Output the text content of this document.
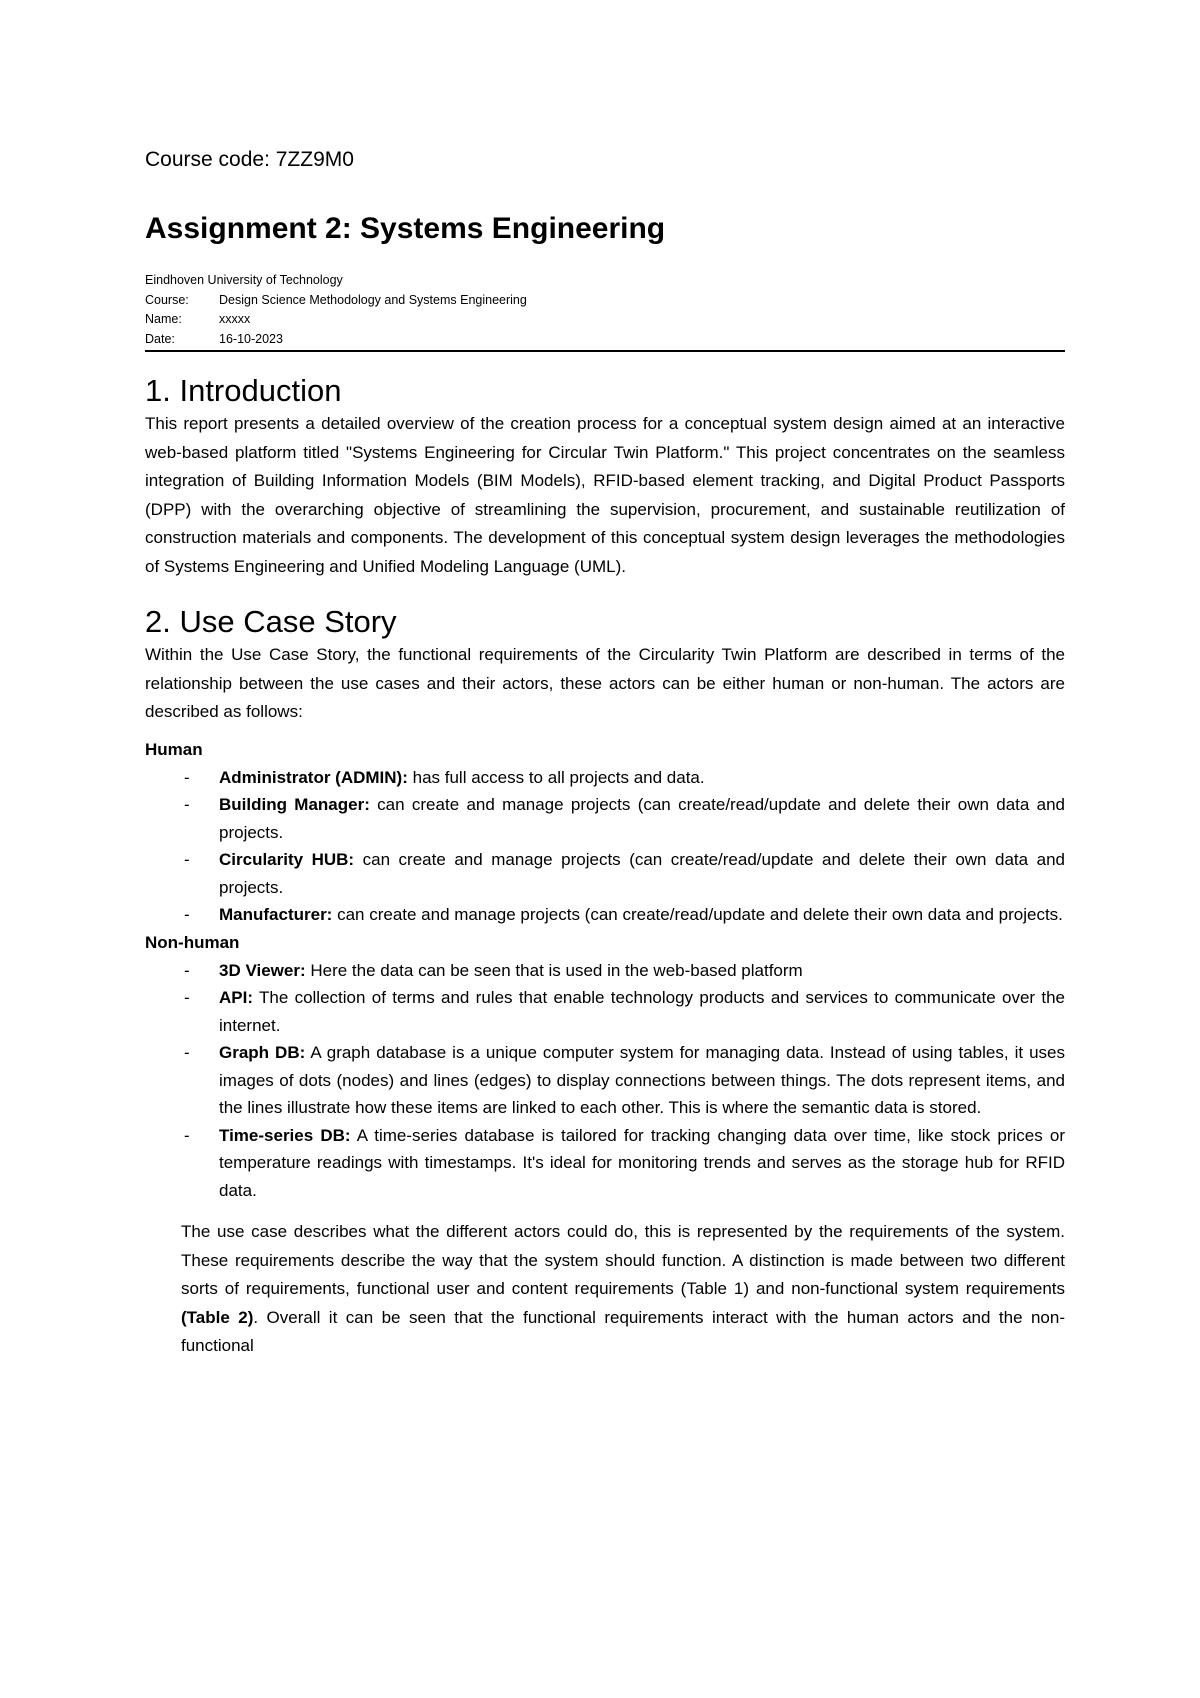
Course code: 7ZZ9M0

Assignment 2: Systems Engineering
Eindhoven University of Technology
Course:	Design Science Methodology and Systems Engineering
Name:	xxxxx
Date:	16-10-2023
1. Introduction

This report presents a detailed overview of the creation process for a conceptual system design aimed at an interactive web-based platform titled "Systems Engineering for Circular Twin Platform." This project concentrates on the seamless integration of Building Information Models (BIM Models), RFID-based element tracking, and Digital Product Passports (DPP) with the overarching objective of streamlining the supervision, procurement, and sustainable reutilization of construction materials and components. The development of this conceptual system design leverages the methodologies of Systems Engineering and Unified Modeling Language (UML).

2. Use Case Story

Within the Use Case Story, the functional requirements of the Circularity Twin Platform are described in terms of the relationship between the use cases and their actors, these actors can be either human or non-human. The actors are described as follows:

Human

- Administrator (ADMIN): has full access to all projects and data.
- Building Manager: can create and manage projects (can create/read/update and delete their own data and projects.
- Circularity HUB: can create and manage projects (can create/read/update and delete their own data and projects.
- Manufacturer: can create and manage projects (can create/read/update and delete their own data and projects.

Non-human

- 3D Viewer: Here the data can be seen that is used in the web-based platform
- API: The collection of terms and rules that enable technology products and services to communicate over the internet.
- Graph DB: A graph database is a unique computer system for managing data. Instead of using tables, it uses images of dots (nodes) and lines (edges) to display connections between things. The dots represent items, and the lines illustrate how these items are linked to each other. This is where the semantic data is stored.
- Time-series DB: A time-series database is tailored for tracking changing data over time, like stock prices or temperature readings with timestamps. It's ideal for monitoring trends and serves as the storage hub for RFID data.

The use case describes what the different actors could do, this is represented by the requirements of the system. These requirements describe the way that the system should function. A distinction is made between two different sorts of requirements, functional user and content requirements (Table 1) and non-functional system requirements (Table 2). Overall it can be seen that the functional requirements interact with the human actors and the non-functional
